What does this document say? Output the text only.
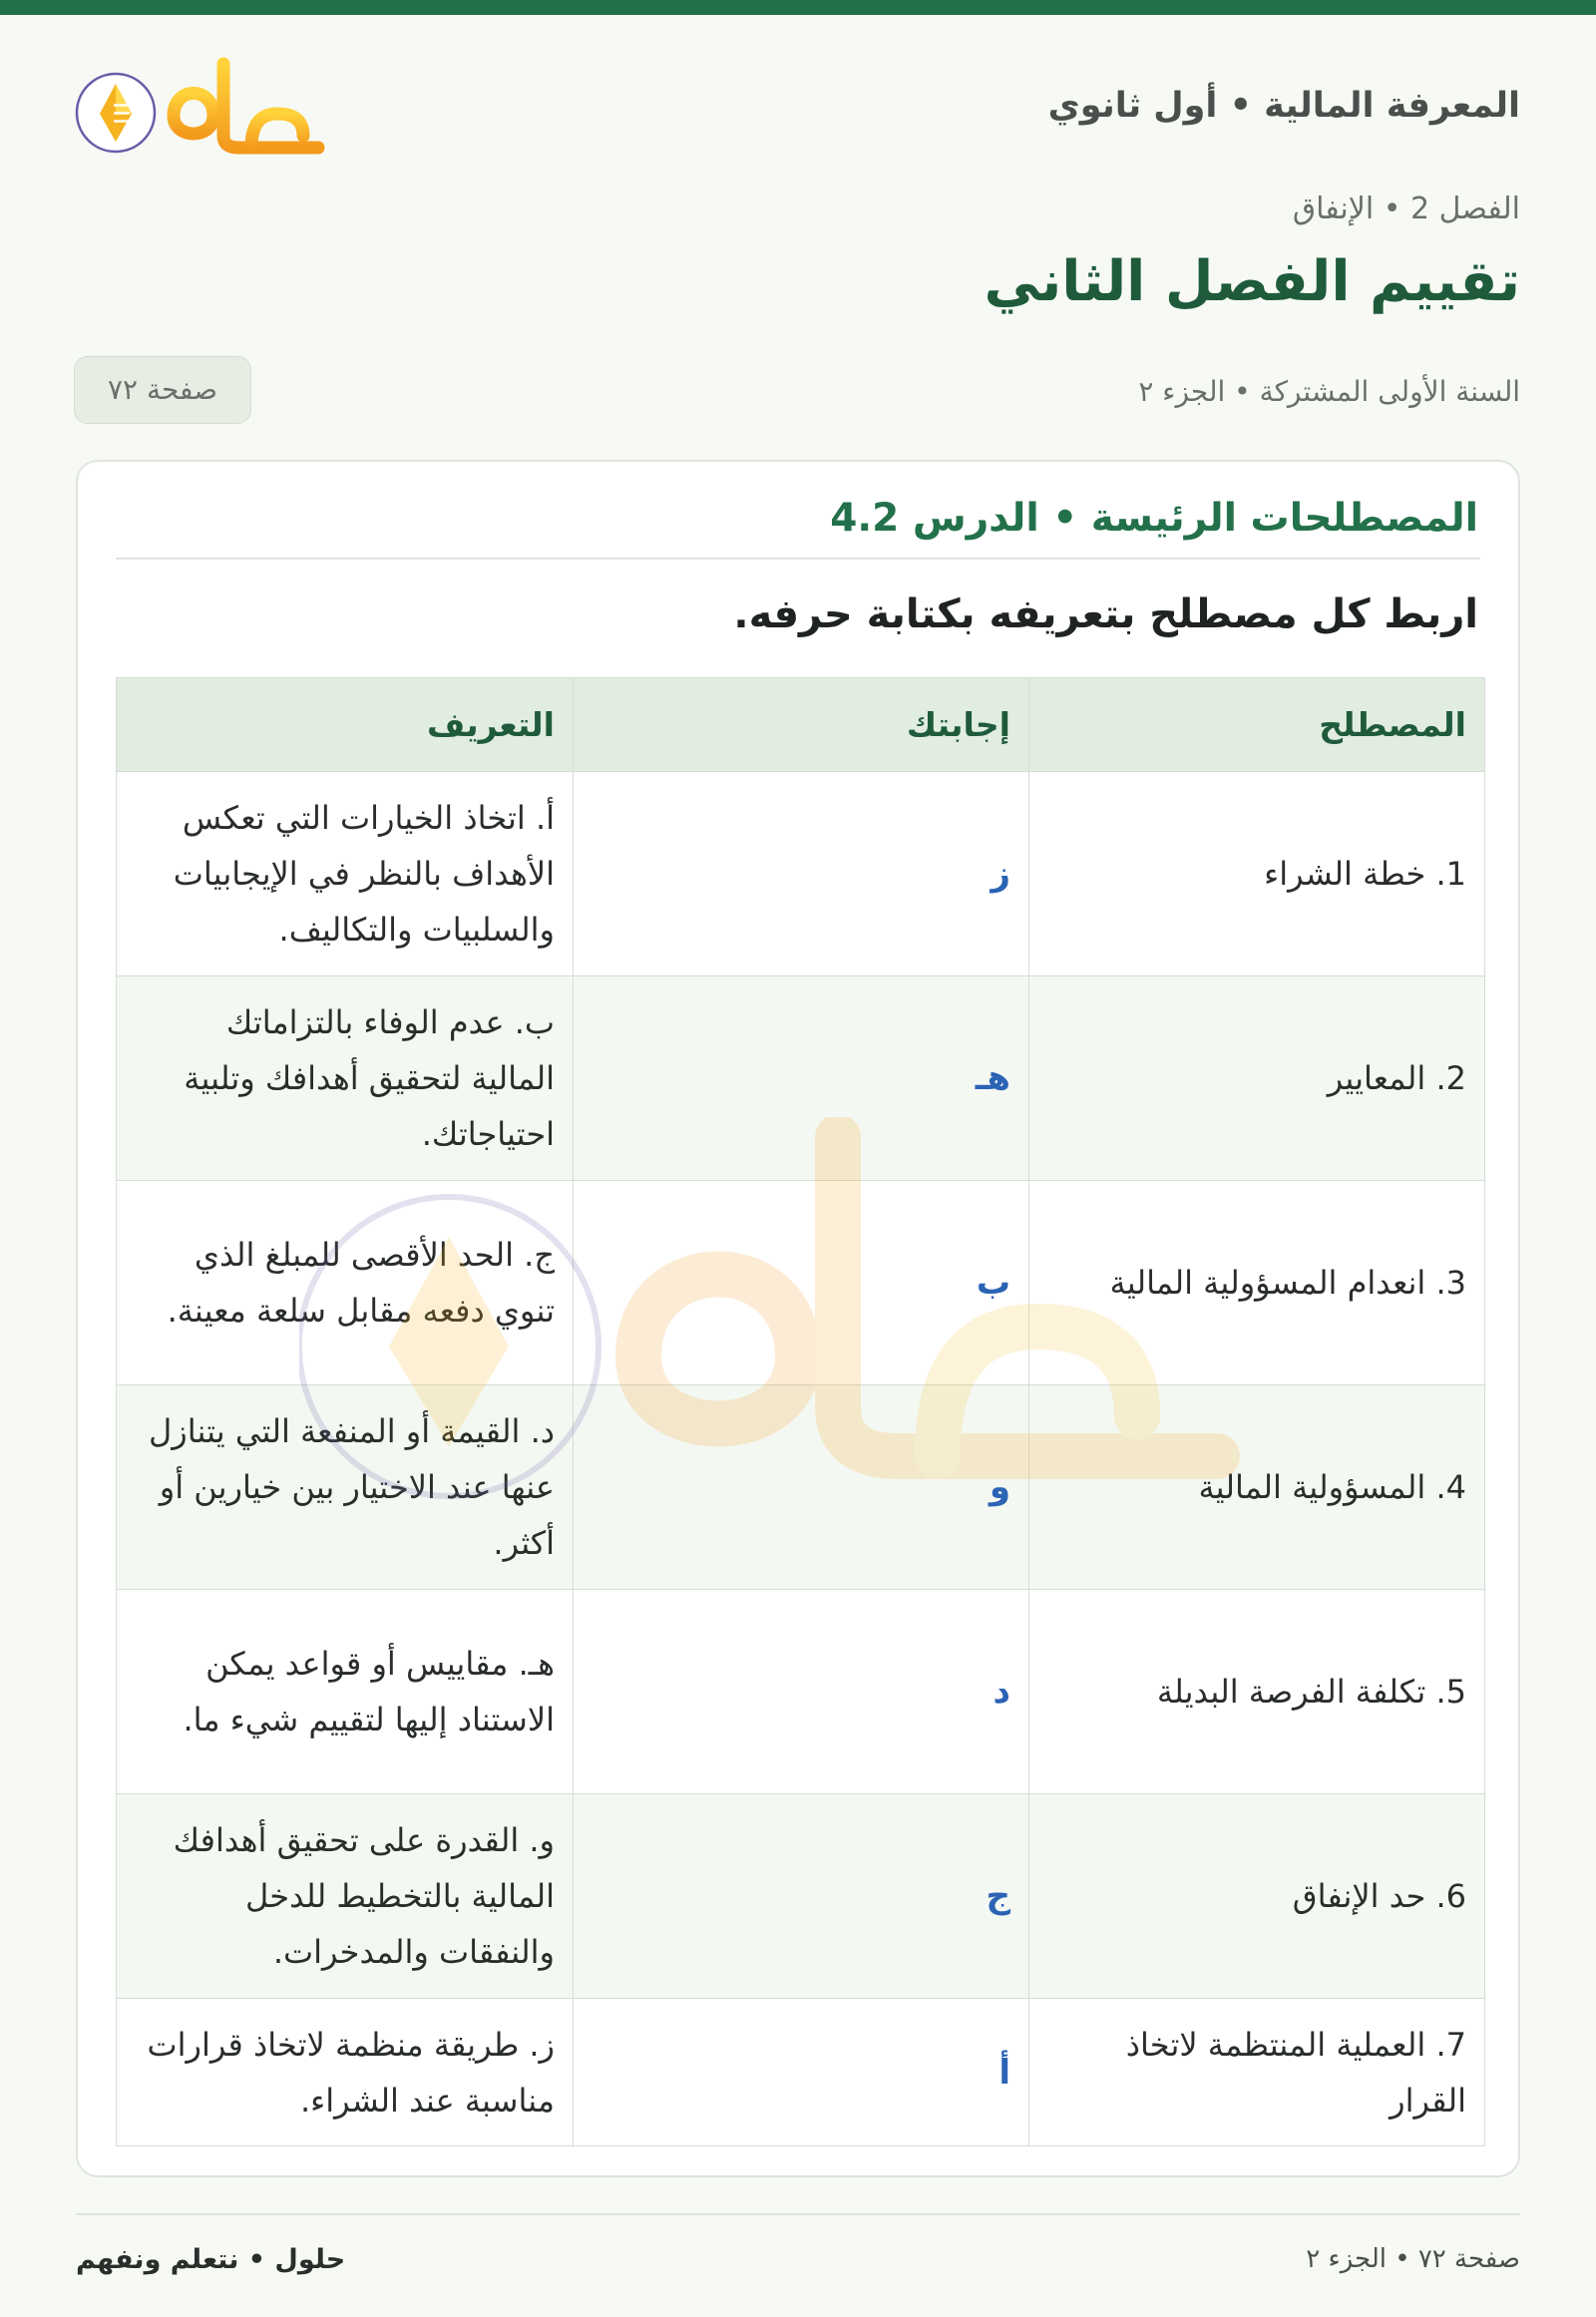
المعرفة المالية • أول ثانوي
الفصل 2 • الإنفاق
تقييم الفصل الثاني
السنة الأولى المشتركة • الجزء ٢
صفحة ٧٢
المصطلحات الرئيسة • الدرس 4.2
اربط كل مصطلح بتعريفه بكتابة حرفه.
المصطلح	إجابتك	التعريف
1. خطة الشراء	ز	أ. اتخاذ الخيارات التي تعكس الأهداف بالنظر في الإيجابيات والسلبيات والتكاليف.
2. المعايير	هـ	ب. عدم الوفاء بالتزاماتك المالية لتحقيق أهدافك وتلبية احتياجاتك.
3. انعدام المسؤولية المالية	ب	ج. الحد الأقصى للمبلغ الذي تنوي دفعه مقابل سلعة معينة.
4. المسؤولية المالية	و	د. القيمة أو المنفعة التي يتنازل عنها عند الاختيار بين خيارين أو أكثر.
5. تكلفة الفرصة البديلة	د	هـ. مقاييس أو قواعد يمكن الاستناد إليها لتقييم شيء ما.
6. حد الإنفاق	ج	و. القدرة على تحقيق أهدافك المالية بالتخطيط للدخل والنفقات والمدخرات.
7. العملية المنتظمة لاتخاذ القرار	أ	ز. طريقة منظمة لاتخاذ قرارات مناسبة عند الشراء.
حلول • نتعلم ونفهم	صفحة ٧٢ • الجزء ٢
